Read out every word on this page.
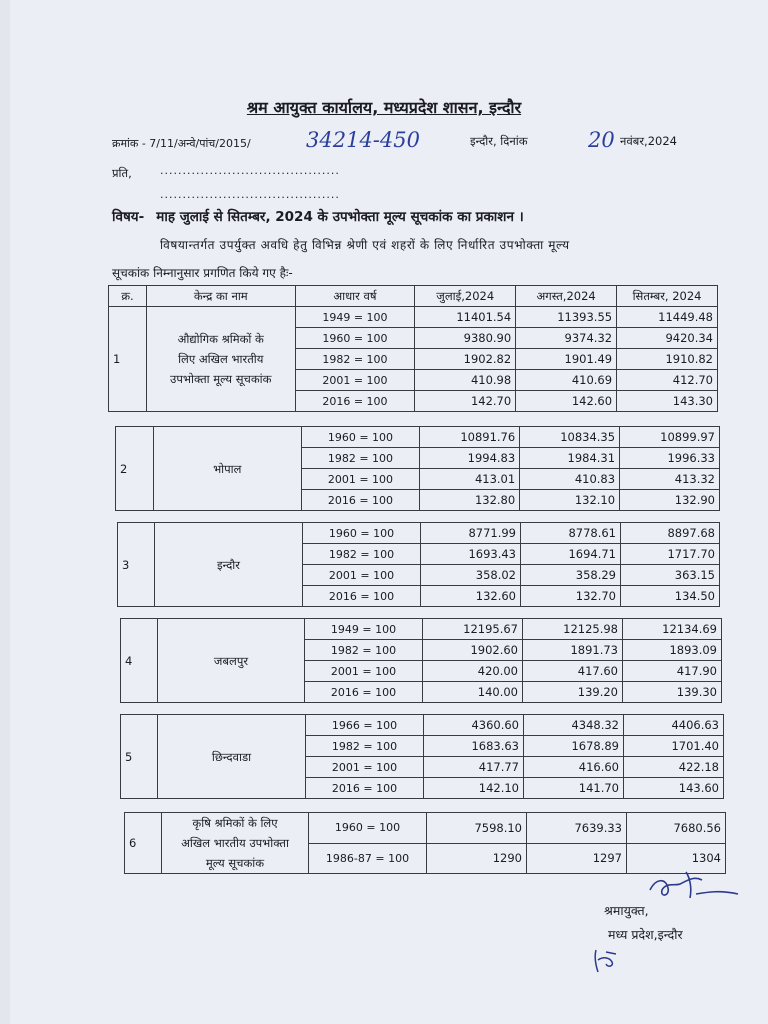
श्रम आयुक्त कार्यालय, मध्यप्रदेश शासन, इन्दौर
क्रमांक - 7/11/अन्वे/पांच/2015/	34214-450	इन्दौर, दिनांक	20 नवंबर,2024
प्रति,	........................................
........................................
विषय- माह जुलाई से सितम्बर, 2024 के उपभोक्ता मूल्य सूचकांक का प्रकाशन ।
विषयान्तर्गत उपर्युक्त अवधि हेतु विभिन्न श्रेणी एवं शहरों के लिए निर्धारित उपभोक्ता मूल्य
सूचकांक निम्नानुसार प्रगणित किये गए हैः-
क्र.	केन्द्र का नाम	आधार वर्ष	जुलाई,2024	अगस्त,2024	सितम्बर, 2024
1	औद्योगिक श्रमिकों के
लिए अखिल भारतीय
उपभोक्ता मूल्य सूचकांक	1949 = 100	11401.54	11393.55	11449.48
		1960 = 100	9380.90	9374.32	9420.34
		1982 = 100	1902.82	1901.49	1910.82
		2001 = 100	410.98	410.69	412.70
		2016 = 100	142.70	142.60	143.30
2	भोपाल	1960 = 100	10891.76	10834.35	10899.97
		1982 = 100	1994.83	1984.31	1996.33
		2001 = 100	413.01	410.83	413.32
		2016 = 100	132.80	132.10	132.90
3	इन्दौर	1960 = 100	8771.99	8778.61	8897.68
		1982 = 100	1693.43	1694.71	1717.70
		2001 = 100	358.02	358.29	363.15
		2016 = 100	132.60	132.70	134.50
4	जबलपुर	1949 = 100	12195.67	12125.98	12134.69
		1982 = 100	1902.60	1891.73	1893.09
		2001 = 100	420.00	417.60	417.90
		2016 = 100	140.00	139.20	139.30
5	छिन्दवाडा	1966 = 100	4360.60	4348.32	4406.63
		1982 = 100	1683.63	1678.89	1701.40
		2001 = 100	417.77	416.60	422.18
		2016 = 100	142.10	141.70	143.60
6	कृषि श्रमिकों के लिए
अखिल भारतीय उपभोक्ता
मूल्य सूचकांक	1960 = 100	7598.10	7639.33	7680.56
		1986-87 = 100	1290	1297	1304
श्रमायुक्त,
मध्य प्रदेश,इन्दौर
